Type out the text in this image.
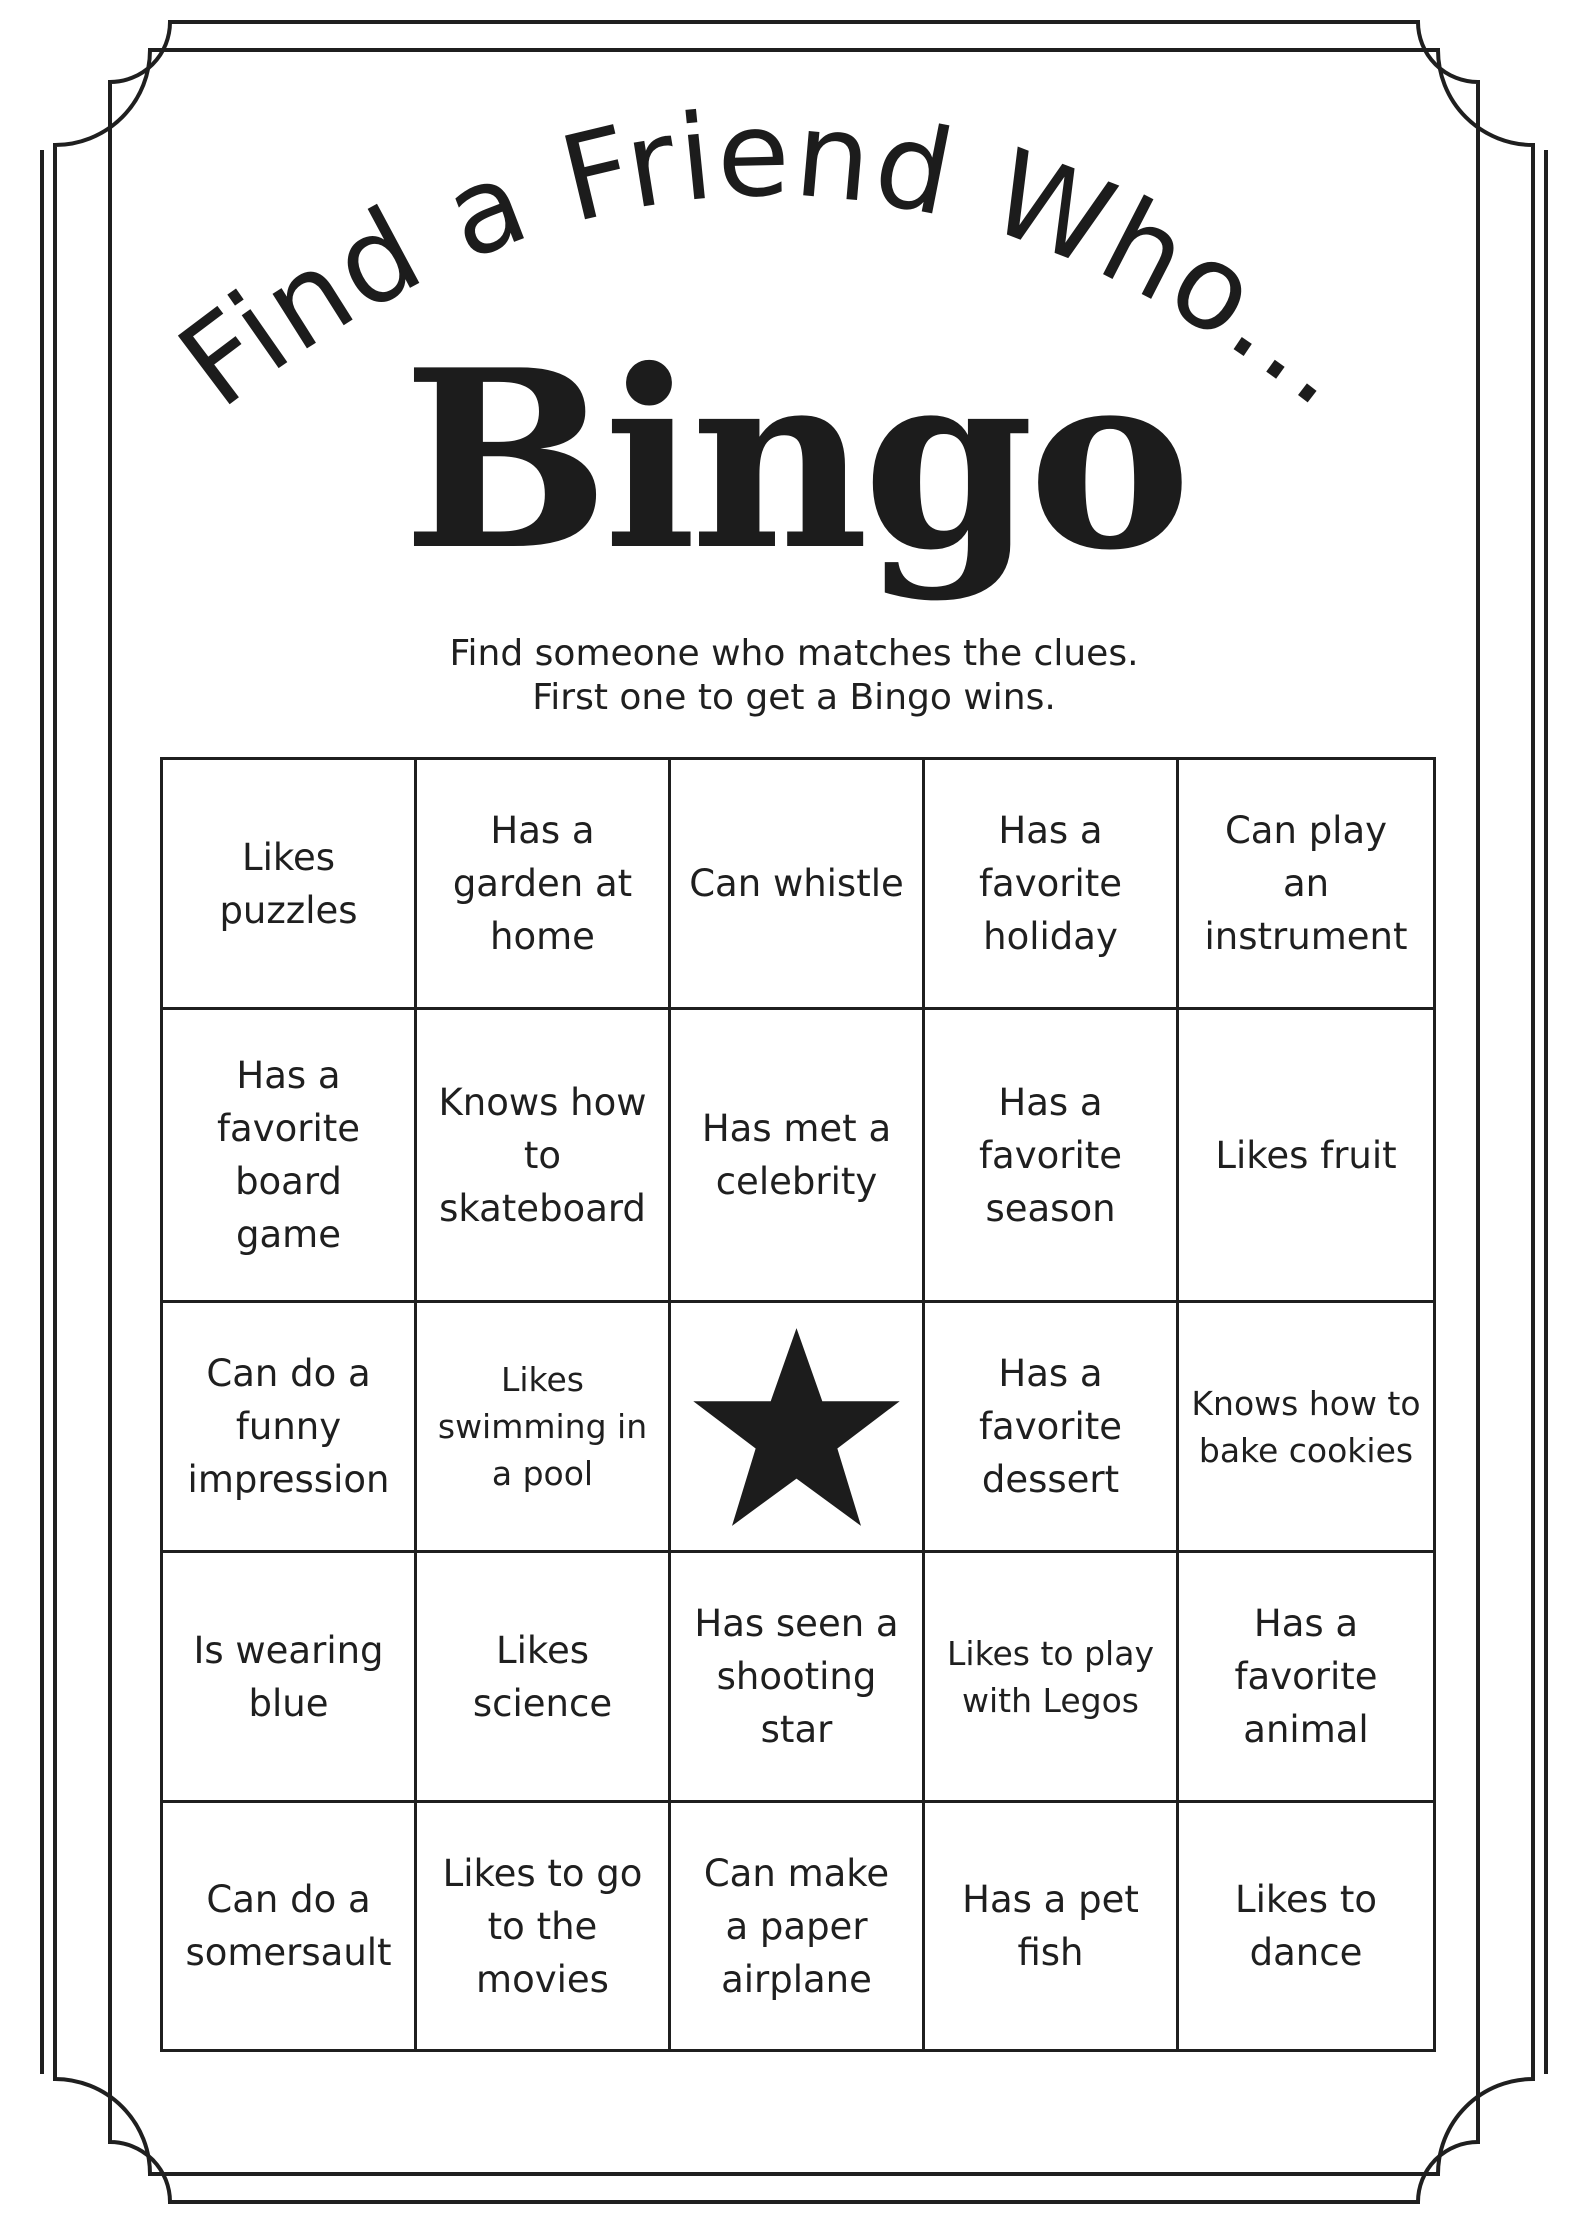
Find a Friend Who...
Bingo
Find someone who matches the clues.
First one to get a Bingo wins.
Likes puzzles
Has a garden at home
Can whistle
Has a favorite holiday
Can play an instrument
Has a favorite board game
Knows how to skateboard
Has met a celebrity
Has a favorite season
Likes fruit
Can do a funny impression
Likes swimming in a pool
Has a favorite dessert
Knows how to bake cookies
Is wearing blue
Likes science
Has seen a shooting star
Likes to play with Legos
Has a favorite animal
Can do a somersault
Likes to go to the movies
Can make a paper airplane
Has a pet fish
Likes to dance
